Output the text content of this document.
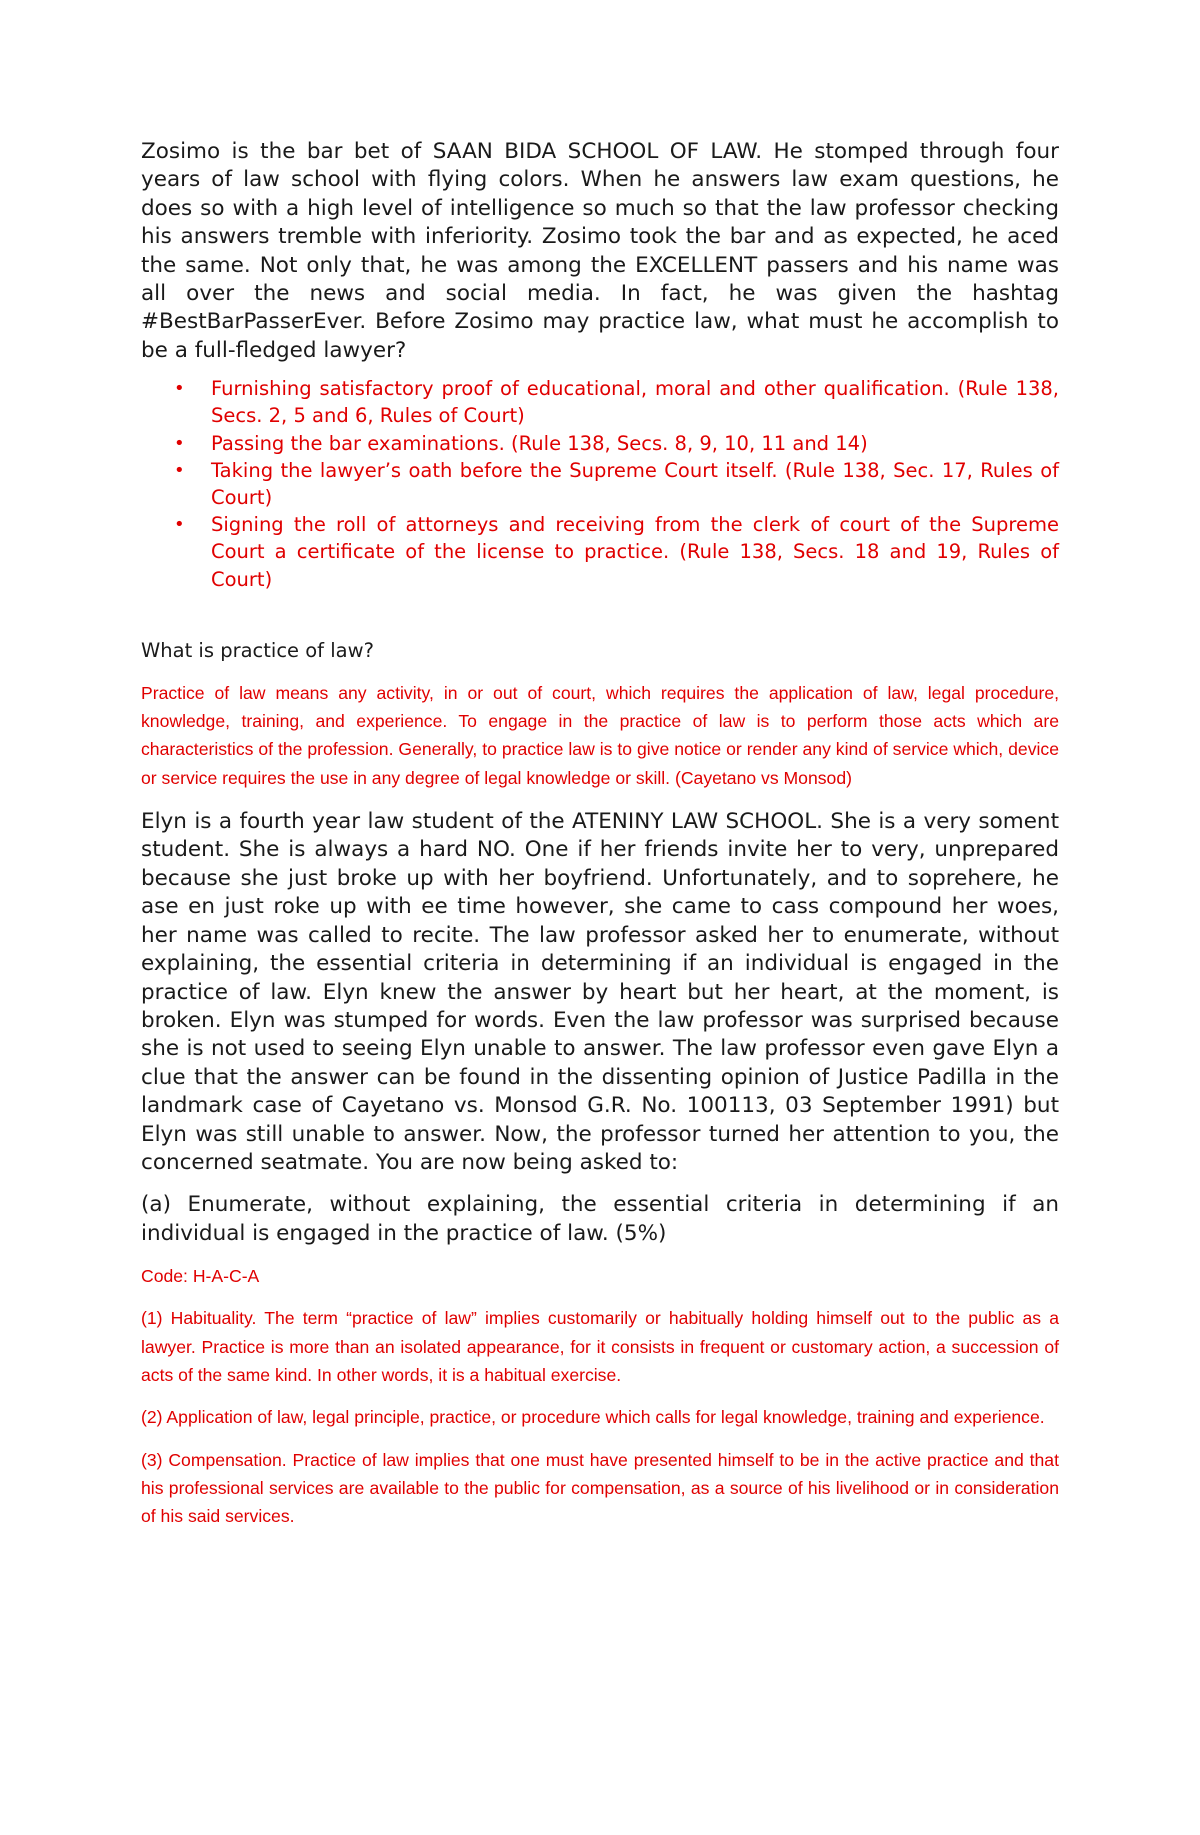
Zosimo is the bar bet of SAAN BIDA SCHOOL OF LAW. He stomped through four years of law school with flying colors. When he answers law exam questions, he does so with a high level of intelligence so much so that the law professor checking his answers tremble with inferiority. Zosimo took the bar and as expected, he aced the same. Not only that, he was among the EXCELLENT passers and his name was all over the news and social media. In fact, he was given the hashtag #BestBarPasserEver. Before Zosimo may practice law, what must he accomplish to be a full-fledged lawyer?

• Furnishing satisfactory proof of educational, moral and other qualification. (Rule 138, Secs. 2, 5 and 6, Rules of Court)
• Passing the bar examinations. (Rule 138, Secs. 8, 9, 10, 11 and 14)
• Taking the lawyer’s oath before the Supreme Court itself. (Rule 138, Sec. 17, Rules of Court)
• Signing the roll of attorneys and receiving from the clerk of court of the Supreme Court a certificate of the license to practice. (Rule 138, Secs. 18 and 19, Rules of Court)

What is practice of law?

Practice of law means any activity, in or out of court, which requires the application of law, legal procedure, knowledge, training, and experience. To engage in the practice of law is to perform those acts which are characteristics of the profession. Generally, to practice law is to give notice or render any kind of service which, device or service requires the use in any degree of legal knowledge or skill. (Cayetano vs Monsod)

Elyn is a fourth year law student of the ATENINY LAW SCHOOL. She is a very soment student. She is always a hard NO. One if her friends invite her to very, unprepared because she just broke up with her boyfriend. Unfortunately, and to soprehere, he ase en just roke up with ee time however, she came to cass compound her woes, her name was called to recite. The law professor asked her to enumerate, without explaining, the essential criteria in determining if an individual is engaged in the practice of law. Elyn knew the answer by heart but her heart, at the moment, is broken. Elyn was stumped for words. Even the law professor was surprised because she is not used to seeing Elyn unable to answer. The law professor even gave Elyn a clue that the answer can be found in the dissenting opinion of Justice Padilla in the landmark case of Cayetano vs. Monsod G.R. No. 100113, 03 September 1991) but Elyn was still unable to answer. Now, the professor turned her attention to you, the concerned seatmate. You are now being asked to:

(a) Enumerate, without explaining, the essential criteria in determining if an individual is engaged in the practice of law. (5%)

Code: H-A-C-A

(1) Habituality. The term “practice of law” implies customarily or habitually holding himself out to the public as a lawyer. Practice is more than an isolated appearance, for it consists in frequent or customary action, a succession of acts of the same kind. In other words, it is a habitual exercise.

(2) Application of law, legal principle, practice, or procedure which calls for legal knowledge, training and experience.

(3) Compensation. Practice of law implies that one must have presented himself to be in the active practice and that his professional services are available to the public for compensation, as a source of his livelihood or in consideration of his said services.
